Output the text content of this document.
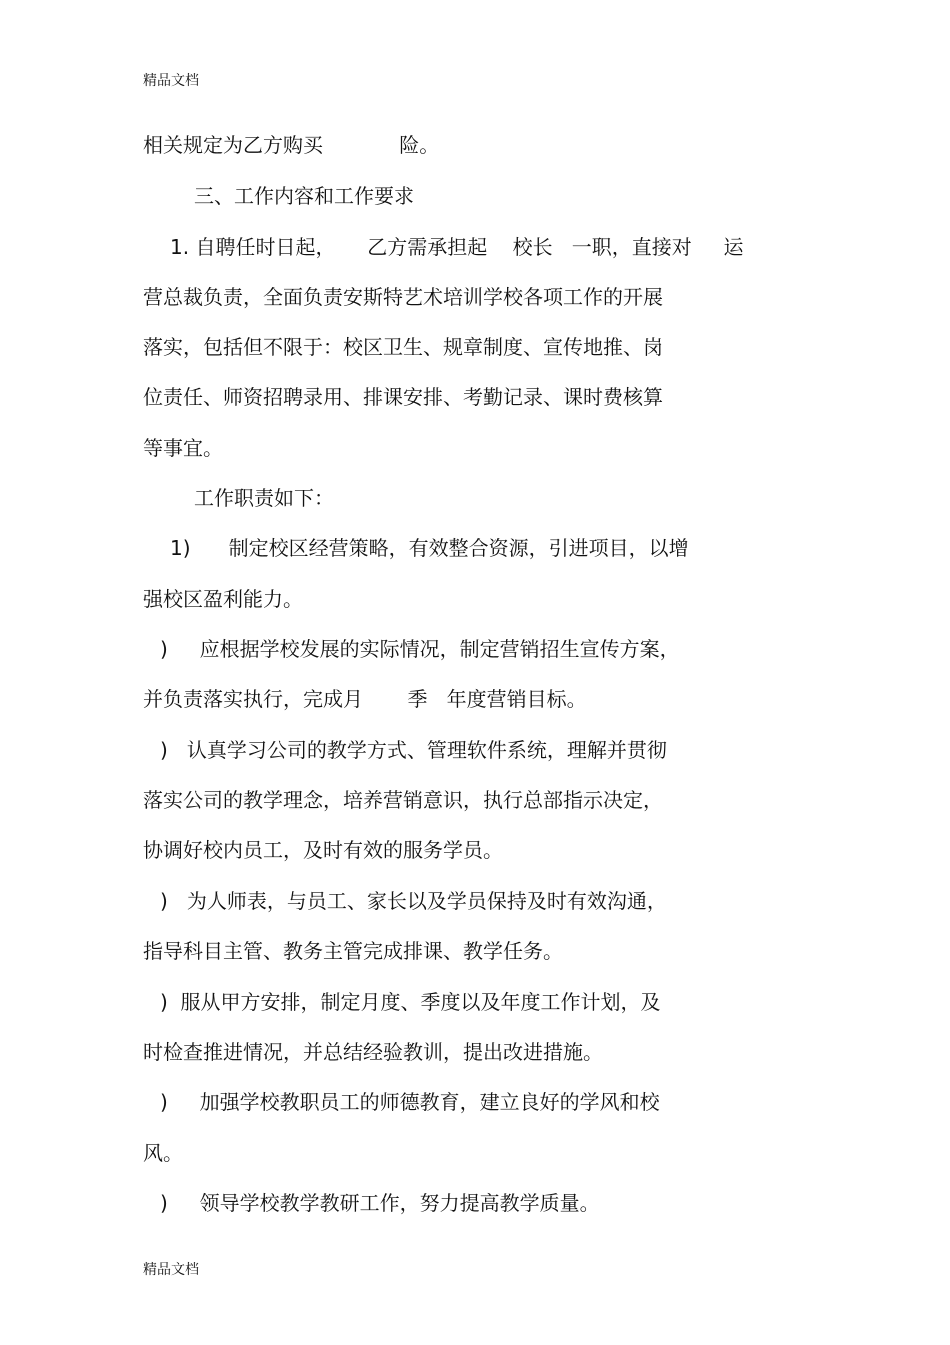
精品文档
相关规定为乙方购买            险。
三、工作内容和工作要求
1. 自聘任时日起，     乙方需承担起    校长   一职，直接对     运
营总裁负责，全面负责安斯特艺术培训学校各项工作的开展
落实，包括但不限于：校区卫生、规章制度、宣传地推、岗
位责任、师资招聘录用、排课安排、考勤记录、课时费核算
等事宜。
工作职责如下：
1)      制定校区经营策略，有效整合资源，引进项目，以增
强校区盈利能力。
)     应根据学校发展的实际情况，制定营销招生宣传方案，
并负责落实执行，完成月       季   年度营销目标。
)   认真学习公司的教学方式、管理软件系统，理解并贯彻
落实公司的教学理念，培养营销意识，执行总部指示决定，
协调好校内员工，及时有效的服务学员。
)   为人师表，与员工、家长以及学员保持及时有效沟通，
指导科目主管、教务主管完成排课、教学任务。
)  服从甲方安排，制定月度、季度以及年度工作计划，及
时检查推进情况，并总结经验教训，提出改进措施。
)     加强学校教职员工的师德教育，建立良好的学风和校
风。
)     领导学校教学教研工作，努力提高教学质量。
精品文档
